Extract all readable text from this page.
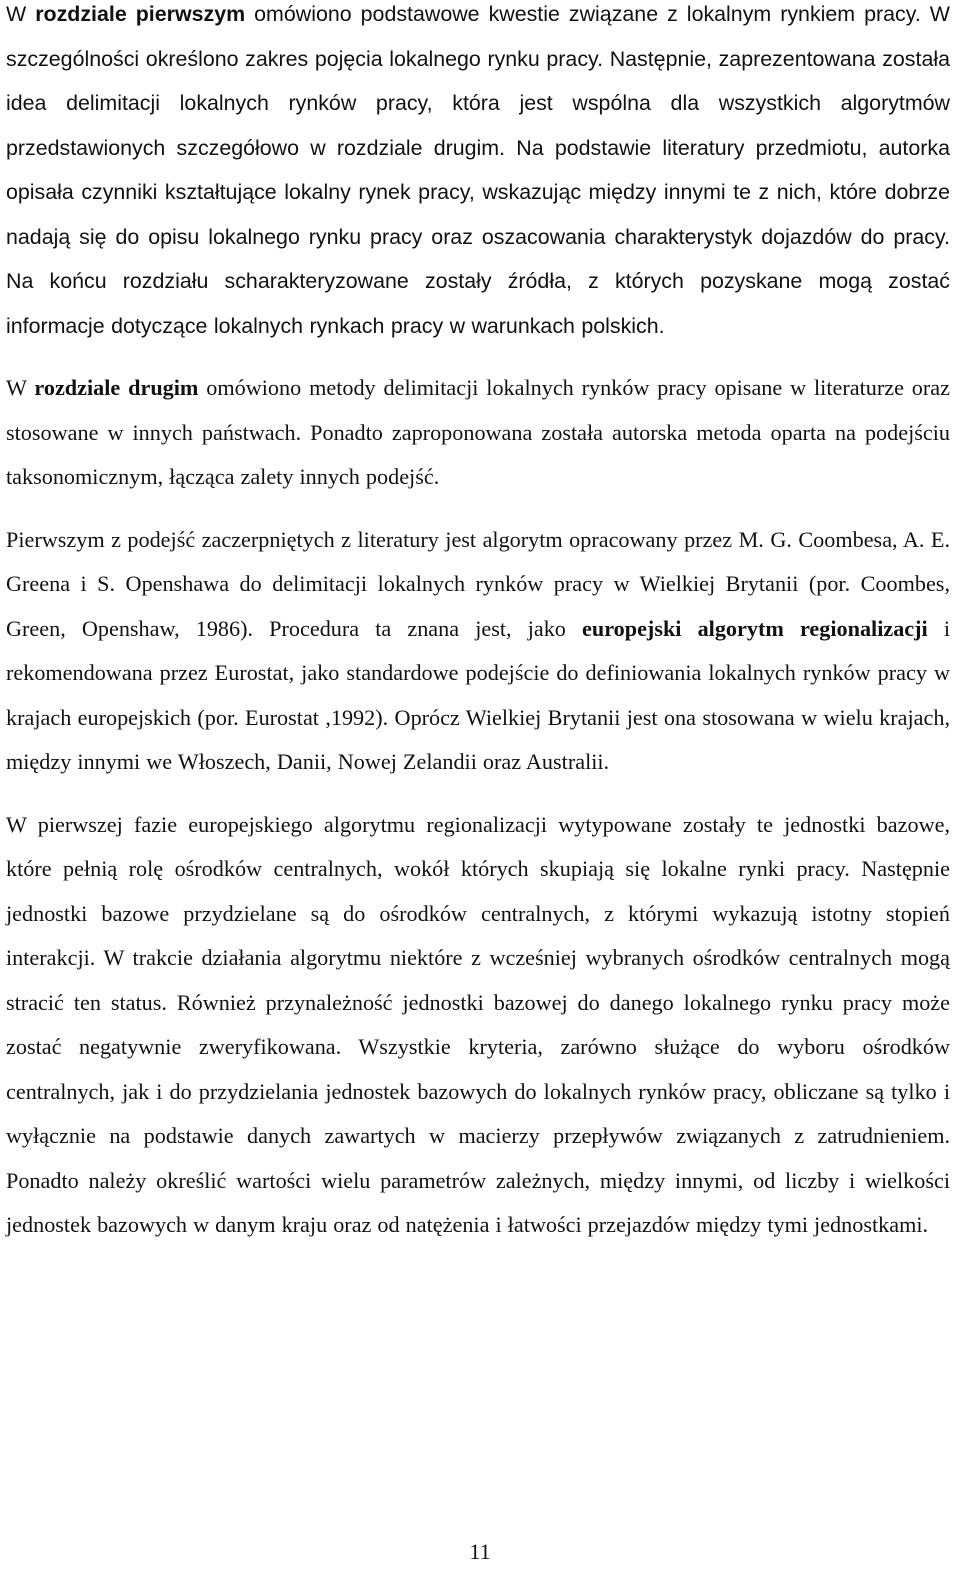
W rozdziale pierwszym omówiono podstawowe kwestie związane z lokalnym rynkiem pracy. W szczególności określono zakres pojęcia lokalnego rynku pracy. Następnie, zaprezentowana została idea delimitacji lokalnych rynków pracy, która jest wspólna dla wszystkich algorytmów przedstawionych szczegółowo w rozdziale drugim. Na podstawie literatury przedmiotu, autorka opisała czynniki kształtujące lokalny rynek pracy, wskazując między innymi te z nich, które dobrze nadają się do opisu lokalnego rynku pracy oraz oszacowania charakterystyk dojazdów do pracy. Na końcu rozdziału scharakteryzowane zostały źródła, z których pozyskane mogą zostać informacje dotyczące lokalnych rynkach pracy w warunkach polskich.

W rozdziale drugim omówiono metody delimitacji lokalnych rynków pracy opisane w literaturze oraz stosowane w innych państwach. Ponadto zaproponowana została autorska metoda oparta na podejściu taksonomicznym, łącząca zalety innych podejść.

Pierwszym z podejść zaczerpniętych z literatury jest algorytm opracowany przez M. G. Coombesa, A. E. Greena i S. Openshawa do delimitacji lokalnych rynków pracy w Wielkiej Brytanii (por. Coombes, Green, Openshaw, 1986). Procedura ta znana jest, jako europejski algorytm regionalizacji i rekomendowana przez Eurostat, jako standardowe podejście do definiowania lokalnych rynków pracy w krajach europejskich (por. Eurostat ,1992). Oprócz Wielkiej Brytanii jest ona stosowana w wielu krajach, między innymi we Włoszech, Danii, Nowej Zelandii oraz Australii.

W pierwszej fazie europejskiego algorytmu regionalizacji wytypowane zostały te jednostki bazowe, które pełnią rolę ośrodków centralnych, wokół których skupiają się lokalne rynki pracy. Następnie jednostki bazowe przydzielane są do ośrodków centralnych, z którymi wykazują istotny stopień interakcji. W trakcie działania algorytmu niektóre z wcześniej wybranych ośrodków centralnych mogą stracić ten status. Również przynależność jednostki bazowej do danego lokalnego rynku pracy może zostać negatywnie zweryfikowana. Wszystkie kryteria, zarówno służące do wyboru ośrodków centralnych, jak i do przydzielania jednostek bazowych do lokalnych rynków pracy, obliczane są tylko i wyłącznie na podstawie danych zawartych w macierzy przepływów związanych z zatrudnieniem. Ponadto należy określić wartości wielu parametrów zależnych, między innymi, od liczby i wielkości jednostek bazowych w danym kraju oraz od natężenia i łatwości przejazdów między tymi jednostkami.

11
